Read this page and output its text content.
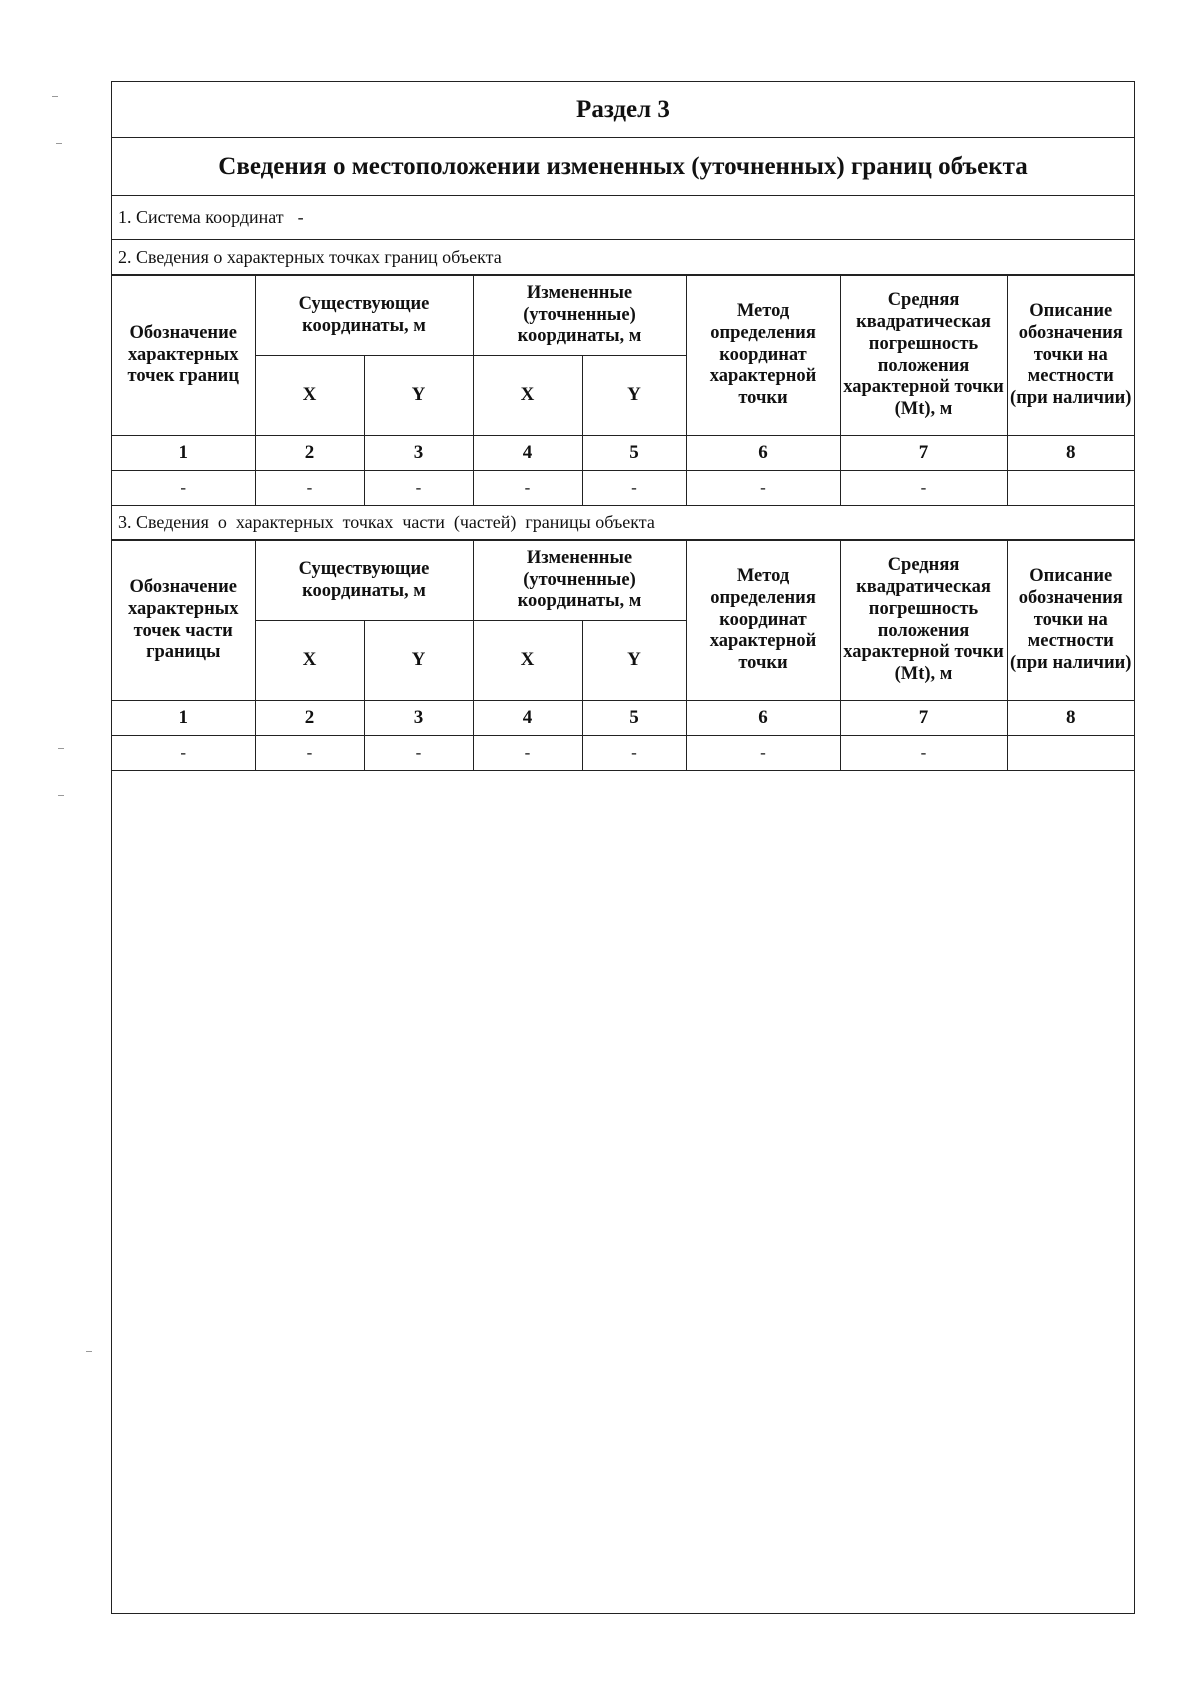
Раздел 3
Сведения о местоположении измененных (уточненных) границ объекта
1. Система координат -
2. Сведения о характерных точках границ объекта
Обозначение характерных точек границ	Существующие координаты, м		Измененные (уточненные) координаты, м		Метод определения координат характерной точки	Средняя квадратическая погрешность положения характерной точки (Mt), м	Описание обозначения точки на местности (при наличии)
	X	Y	X	Y			
1	2	3	4	5	6	7	8
-	-	-	-	-	-	-	
3. Сведения  о  характерных  точках  части  (частей)  границы объекта
Обозначение характерных точек части границы	Существующие координаты, м		Измененные (уточненные) координаты, м		Метод определения координат характерной точки	Средняя квадратическая погрешность положения характерной точки (Mt), м	Описание обозначения точки на местности (при наличии)
	X	Y	X	Y			
1	2	3	4	5	6	7	8
-	-	-	-	-	-	-	
